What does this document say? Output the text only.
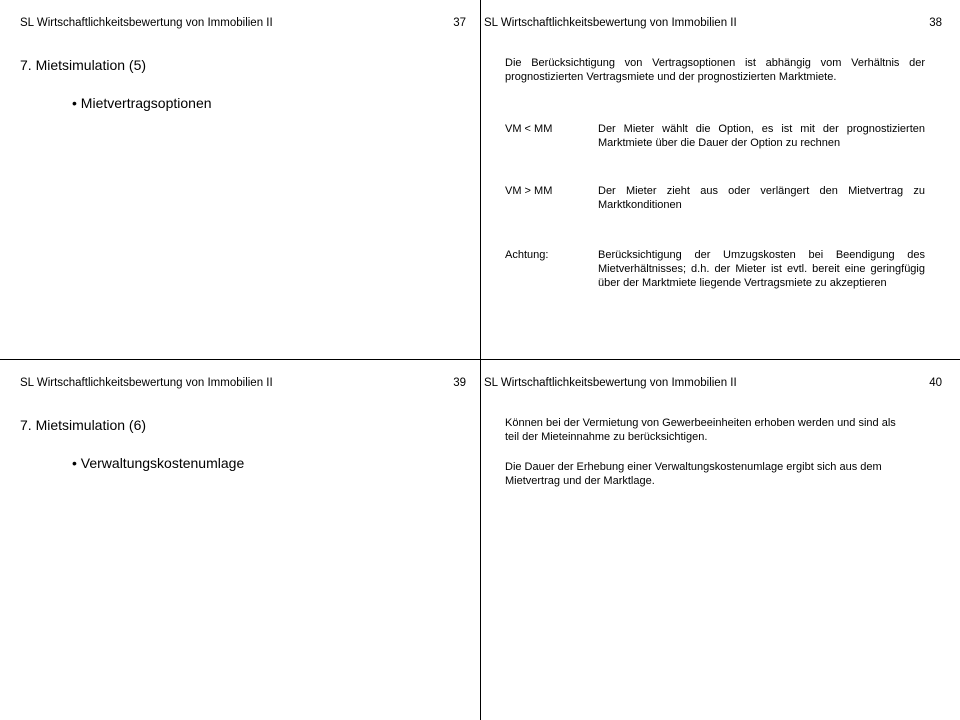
SL Wirtschaftlichkeitsbewertung von Immobilien II	37
7. Mietsimulation (5)
• Mietvertragsoptionen
SL Wirtschaftlichkeitsbewertung von Immobilien II	38
Die Berücksichtigung von Vertragsoptionen ist abhängig vom Verhältnis der prognostizierten Vertragsmiete und der prognostizierten Marktmiete.
VM < MM	Der Mieter wählt die Option, es ist mit der prognostizierten Marktmiete über die Dauer der Option zu rechnen
VM > MM	Der Mieter zieht aus oder verlängert den Mietvertrag zu Marktkonditionen
Achtung:	Berücksichtigung der Umzugskosten bei Beendigung des Mietverhältnisses; d.h. der Mieter ist evtl. bereit eine geringfügig über der Marktmiete liegende Vertragsmiete zu akzeptieren
SL Wirtschaftlichkeitsbewertung von Immobilien II	39
7. Mietsimulation (6)
• Verwaltungskostenumlage
SL Wirtschaftlichkeitsbewertung von Immobilien II	40
Können bei der Vermietung von Gewerbeeinheiten erhoben werden und sind als teil der Mieteinnahme zu berücksichtigen.
Die Dauer der Erhebung einer Verwaltungskostenumlage ergibt sich aus dem Mietvertrag und der Marktlage.
